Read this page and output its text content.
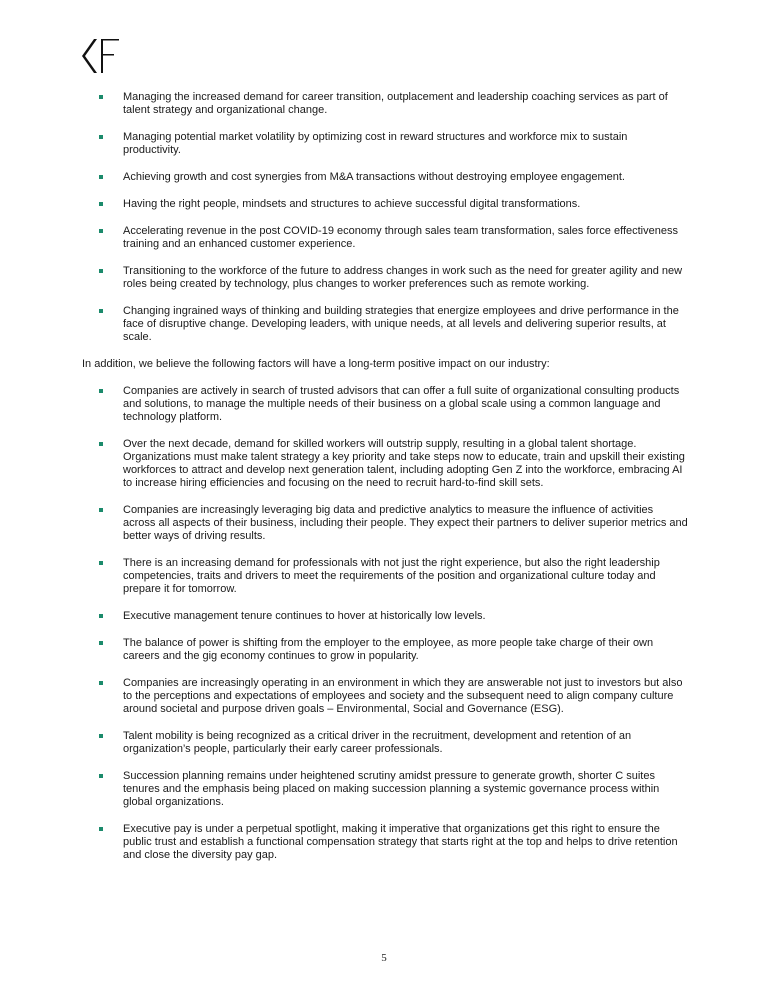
Managing the increased demand for career transition, outplacement and leadership coaching services as part of talent strategy and organizational change.
Managing potential market volatility by optimizing cost in reward structures and workforce mix to sustain productivity.
Achieving growth and cost synergies from M&A transactions without destroying employee engagement.
Having the right people, mindsets and structures to achieve successful digital transformations.
Accelerating revenue in the post COVID-19 economy through sales team transformation, sales force effectiveness training and an enhanced customer experience.
Transitioning to the workforce of the future to address changes in work such as the need for greater agility and new roles being created by technology, plus changes to worker preferences such as remote working.
Changing ingrained ways of thinking and building strategies that energize employees and drive performance in the face of disruptive change. Developing leaders, with unique needs, at all levels and delivering superior results, at scale.

In addition, we believe the following factors will have a long-term positive impact on our industry:

Companies are actively in search of trusted advisors that can offer a full suite of organizational consulting products and solutions, to manage the multiple needs of their business on a global scale using a common language and technology platform.
Over the next decade, demand for skilled workers will outstrip supply, resulting in a global talent shortage. Organizations must make talent strategy a key priority and take steps now to educate, train and upskill their existing workforces to attract and develop next generation talent, including adopting Gen Z into the workforce, embracing AI to increase hiring efficiencies and focusing on the need to recruit hard-to-find skill sets.
Companies are increasingly leveraging big data and predictive analytics to measure the influence of activities across all aspects of their business, including their people. They expect their partners to deliver superior metrics and better ways of driving results.
There is an increasing demand for professionals with not just the right experience, but also the right leadership competencies, traits and drivers to meet the requirements of the position and organizational culture today and prepare it for tomorrow.
Executive management tenure continues to hover at historically low levels.
The balance of power is shifting from the employer to the employee, as more people take charge of their own careers and the gig economy continues to grow in popularity.
Companies are increasingly operating in an environment in which they are answerable not just to investors but also to the perceptions and expectations of employees and society and the subsequent need to align company culture around societal and purpose driven goals – Environmental, Social and Governance (ESG).
Talent mobility is being recognized as a critical driver in the recruitment, development and retention of an organization’s people, particularly their early career professionals.
Succession planning remains under heightened scrutiny amidst pressure to generate growth, shorter C suites tenures and the emphasis being placed on making succession planning a systemic governance process within global organizations.
Executive pay is under a perpetual spotlight, making it imperative that organizations get this right to ensure the public trust and establish a functional compensation strategy that starts right at the top and helps to drive retention and close the diversity pay gap.
5
